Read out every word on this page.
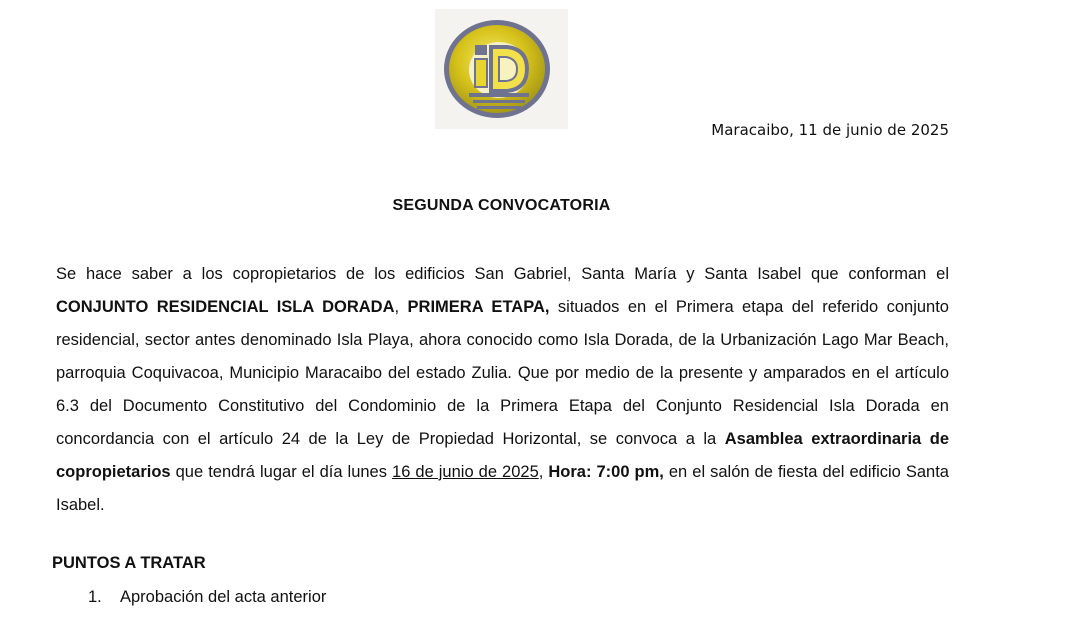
Maracaibo, 11 de junio de 2025
SEGUNDA CONVOCATORIA
Se hace saber a los copropietarios de los edificios San Gabriel, Santa María y Santa Isabel que conforman el CONJUNTO RESIDENCIAL ISLA DORADA, PRIMERA ETAPA, situados en el Primera etapa del referido conjunto residencial, sector antes denominado Isla Playa, ahora conocido como Isla Dorada, de la Urbanización Lago Mar Beach, parroquia Coquivacoa, Municipio Maracaibo del estado Zulia. Que por medio de la presente y amparados en el artículo 6.3 del Documento Constitutivo del Condominio de la Primera Etapa del Conjunto Residencial Isla Dorada en concordancia con el artículo 24 de la Ley de Propiedad Horizontal, se convoca a la Asamblea extraordinaria de copropietarios que tendrá lugar el día lunes 16 de junio de 2025, Hora: 7:00 pm, en el salón de fiesta del edificio Santa Isabel.
PUNTOS A TRATAR
1. Aprobación del acta anterior
